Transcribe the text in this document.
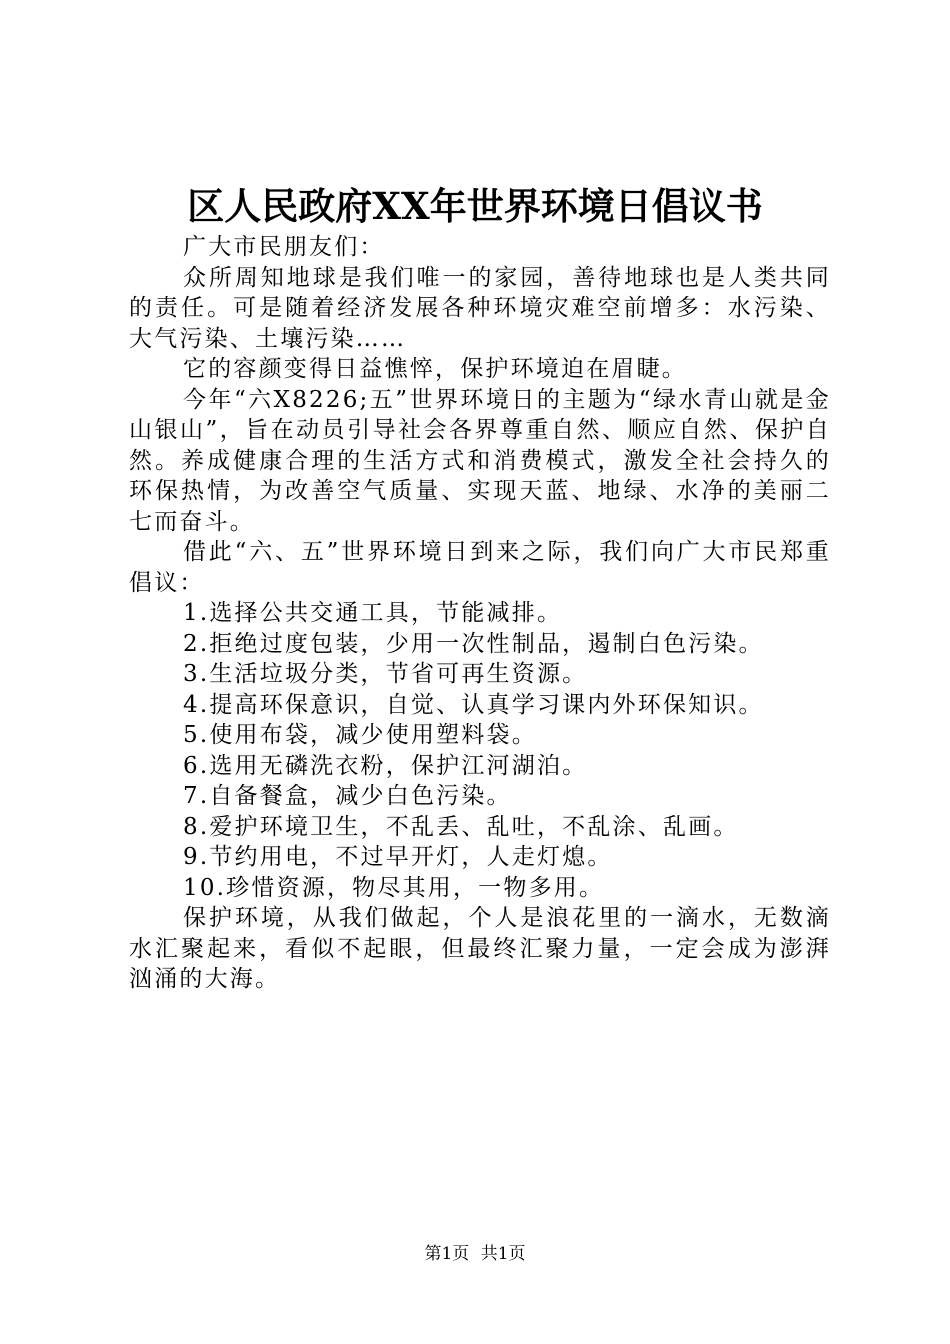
区人民政府XX年世界环境日倡议书

广大市民朋友们：

众所周知地球是我们唯一的家园，善待地球也是人类共同的责任。可是随着经济发展各种环境灾难空前增多：水污染、大气污染、土壤污染……

它的容颜变得日益憔悴，保护环境迫在眉睫。

今年“六X8226;五”世界环境日的主题为“绿水青山就是金山银山”，旨在动员引导社会各界尊重自然、顺应自然、保护自然。养成健康合理的生活方式和消费模式，激发全社会持久的环保热情，为改善空气质量、实现天蓝、地绿、水净的美丽二七而奋斗。

借此“六、五”世界环境日到来之际，我们向广大市民郑重倡议：

1.选择公共交通工具，节能减排。

2.拒绝过度包装，少用一次性制品，遏制白色污染。

3.生活垃圾分类，节省可再生资源。

4.提高环保意识，自觉、认真学习课内外环保知识。

5.使用布袋，减少使用塑料袋。

6.选用无磷洗衣粉，保护江河湖泊。

7.自备餐盒，减少白色污染。

8.爱护环境卫生，不乱丢、乱吐，不乱涂、乱画。

9.节约用电，不过早开灯，人走灯熄。

10.珍惜资源，物尽其用，一物多用。

保护环境，从我们做起，个人是浪花里的一滴水，无数滴水汇聚起来，看似不起眼，但最终汇聚力量，一定会成为澎湃汹涌的大海。

第1页 共1页
